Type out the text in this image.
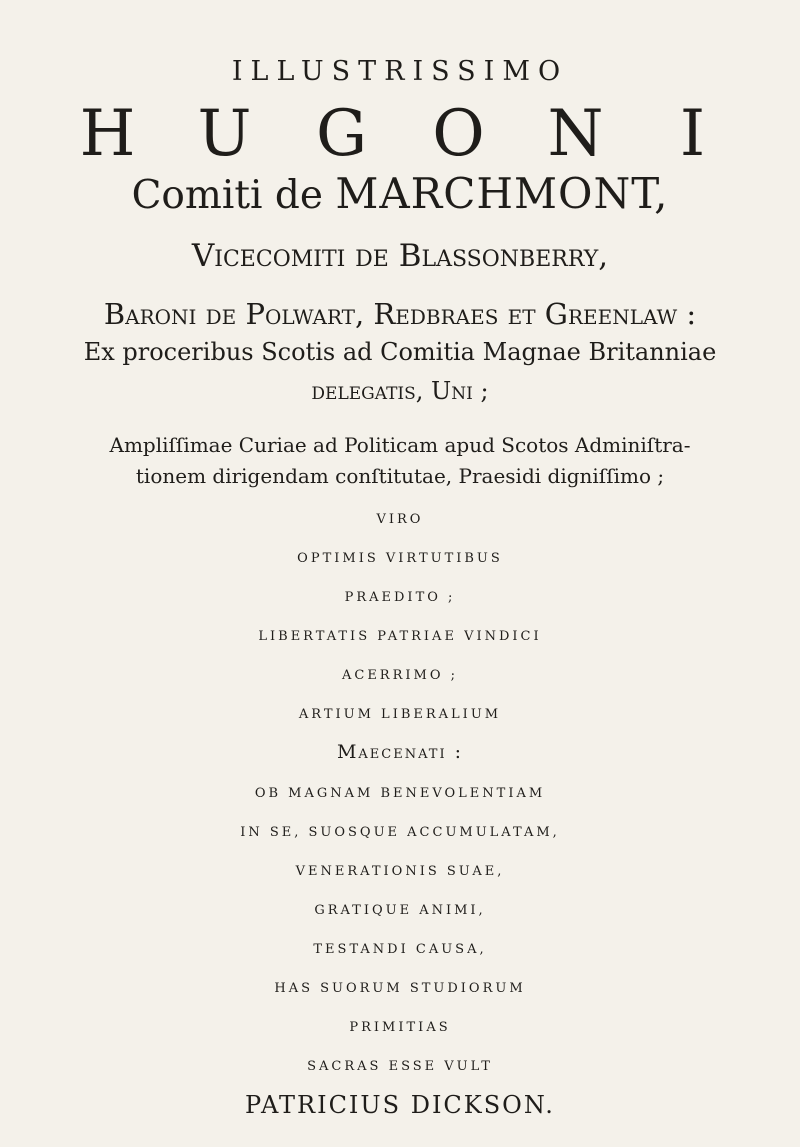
ILLUSTRISSIMO
H U G O N I
Comiti de MARCHMONT,
Vicecomiti de Blassonberry,
Baroni de Polwart, Redbraes et Greenlaw :
Ex proceribus Scotis ad Comitia Magnae Britanniae
delegatis, Uni ;
Ampliſſimae Curiae ad Politicam apud Scotos Adminiſtra-
tionem dirigendam conſtitutae, Praesidi digniſſimo ;
VIRO
OPTIMIS VIRTUTIBUS
PRAEDITO ;
LIBERTATIS PATRIAE VINDICI
ACERRIMO ;
ARTIUM LIBERALIUM
Maecenati :
OB MAGNAM BENEVOLENTIAM
IN SE, SUOSQUE ACCUMULATAM,
VENERATIONIS SUAE,
GRATIQUE ANIMI,
TESTANDI CAUSA,
HAS SUORUM STUDIORUM
PRIMITIAS
SACRAS ESSE VULT
PATRICIUS DICKSON.
